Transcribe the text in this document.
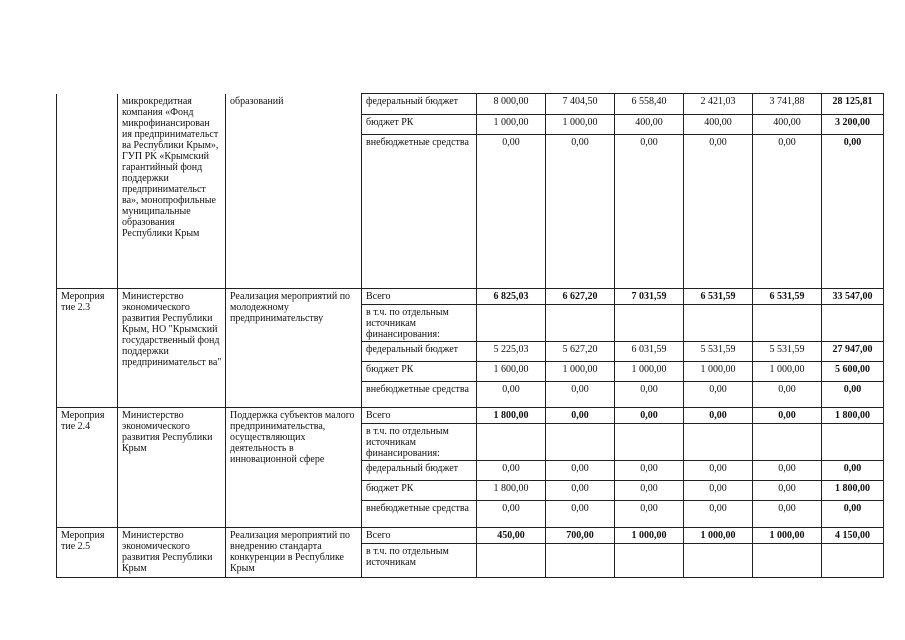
	микрокредитная компания «Фонд микрофинансирован ия предпринимательст ва Республики Крым», ГУП РК «Крымский гарантийный фонд поддержки предпринимательст ва», монопрофильные муниципальные образования Республики Крым	образований	федеральный бюджет	8 000,00	7 404,50	6 558,40	2 421,03	3 741,88	28 125,81
			бюджет РК	1 000,00	1 000,00	400,00	400,00	400,00	3 200,00
			внебюджетные средства	0,00	0,00	0,00	0,00	0,00	0,00
Мероприя тие 2.3	Министерство экономического развития Республики Крым, НО "Крымский государственный фонд поддержки предпринимательст ва"	Реализация мероприятий по молодежному предпринимательству	Всего	6 825,03	6 627,20	7 031,59	6 531,59	6 531,59	33 547,00
			в т.ч. по отдельным источникам финансирования:						
			федеральный бюджет	5 225,03	5 627,20	6 031,59	5 531,59	5 531,59	27 947,00
			бюджет РК	1 600,00	1 000,00	1 000,00	1 000,00	1 000,00	5 600,00
			внебюджетные средства	0,00	0,00	0,00	0,00	0,00	0,00
Мероприя тие 2.4	Министерство экономического развития Республики Крым	Поддержка субъектов малого предпринимательства, осуществляющих деятельность в инновационной сфере	Всего	1 800,00	0,00	0,00	0,00	0,00	1 800,00
			в т.ч. по отдельным источникам финансирования:						
			федеральный бюджет	0,00	0,00	0,00	0,00	0,00	0,00
			бюджет РК	1 800,00	0,00	0,00	0,00	0,00	1 800,00
			внебюджетные средства	0,00	0,00	0,00	0,00	0,00	0,00
Мероприя тие 2.5	Министерство экономического развития Республики Крым	Реализация мероприятий по внедрению стандарта конкуренции в Республике Крым	Всего	450,00	700,00	1 000,00	1 000,00	1 000,00	4 150,00
			в т.ч. по отдельным источникам						
